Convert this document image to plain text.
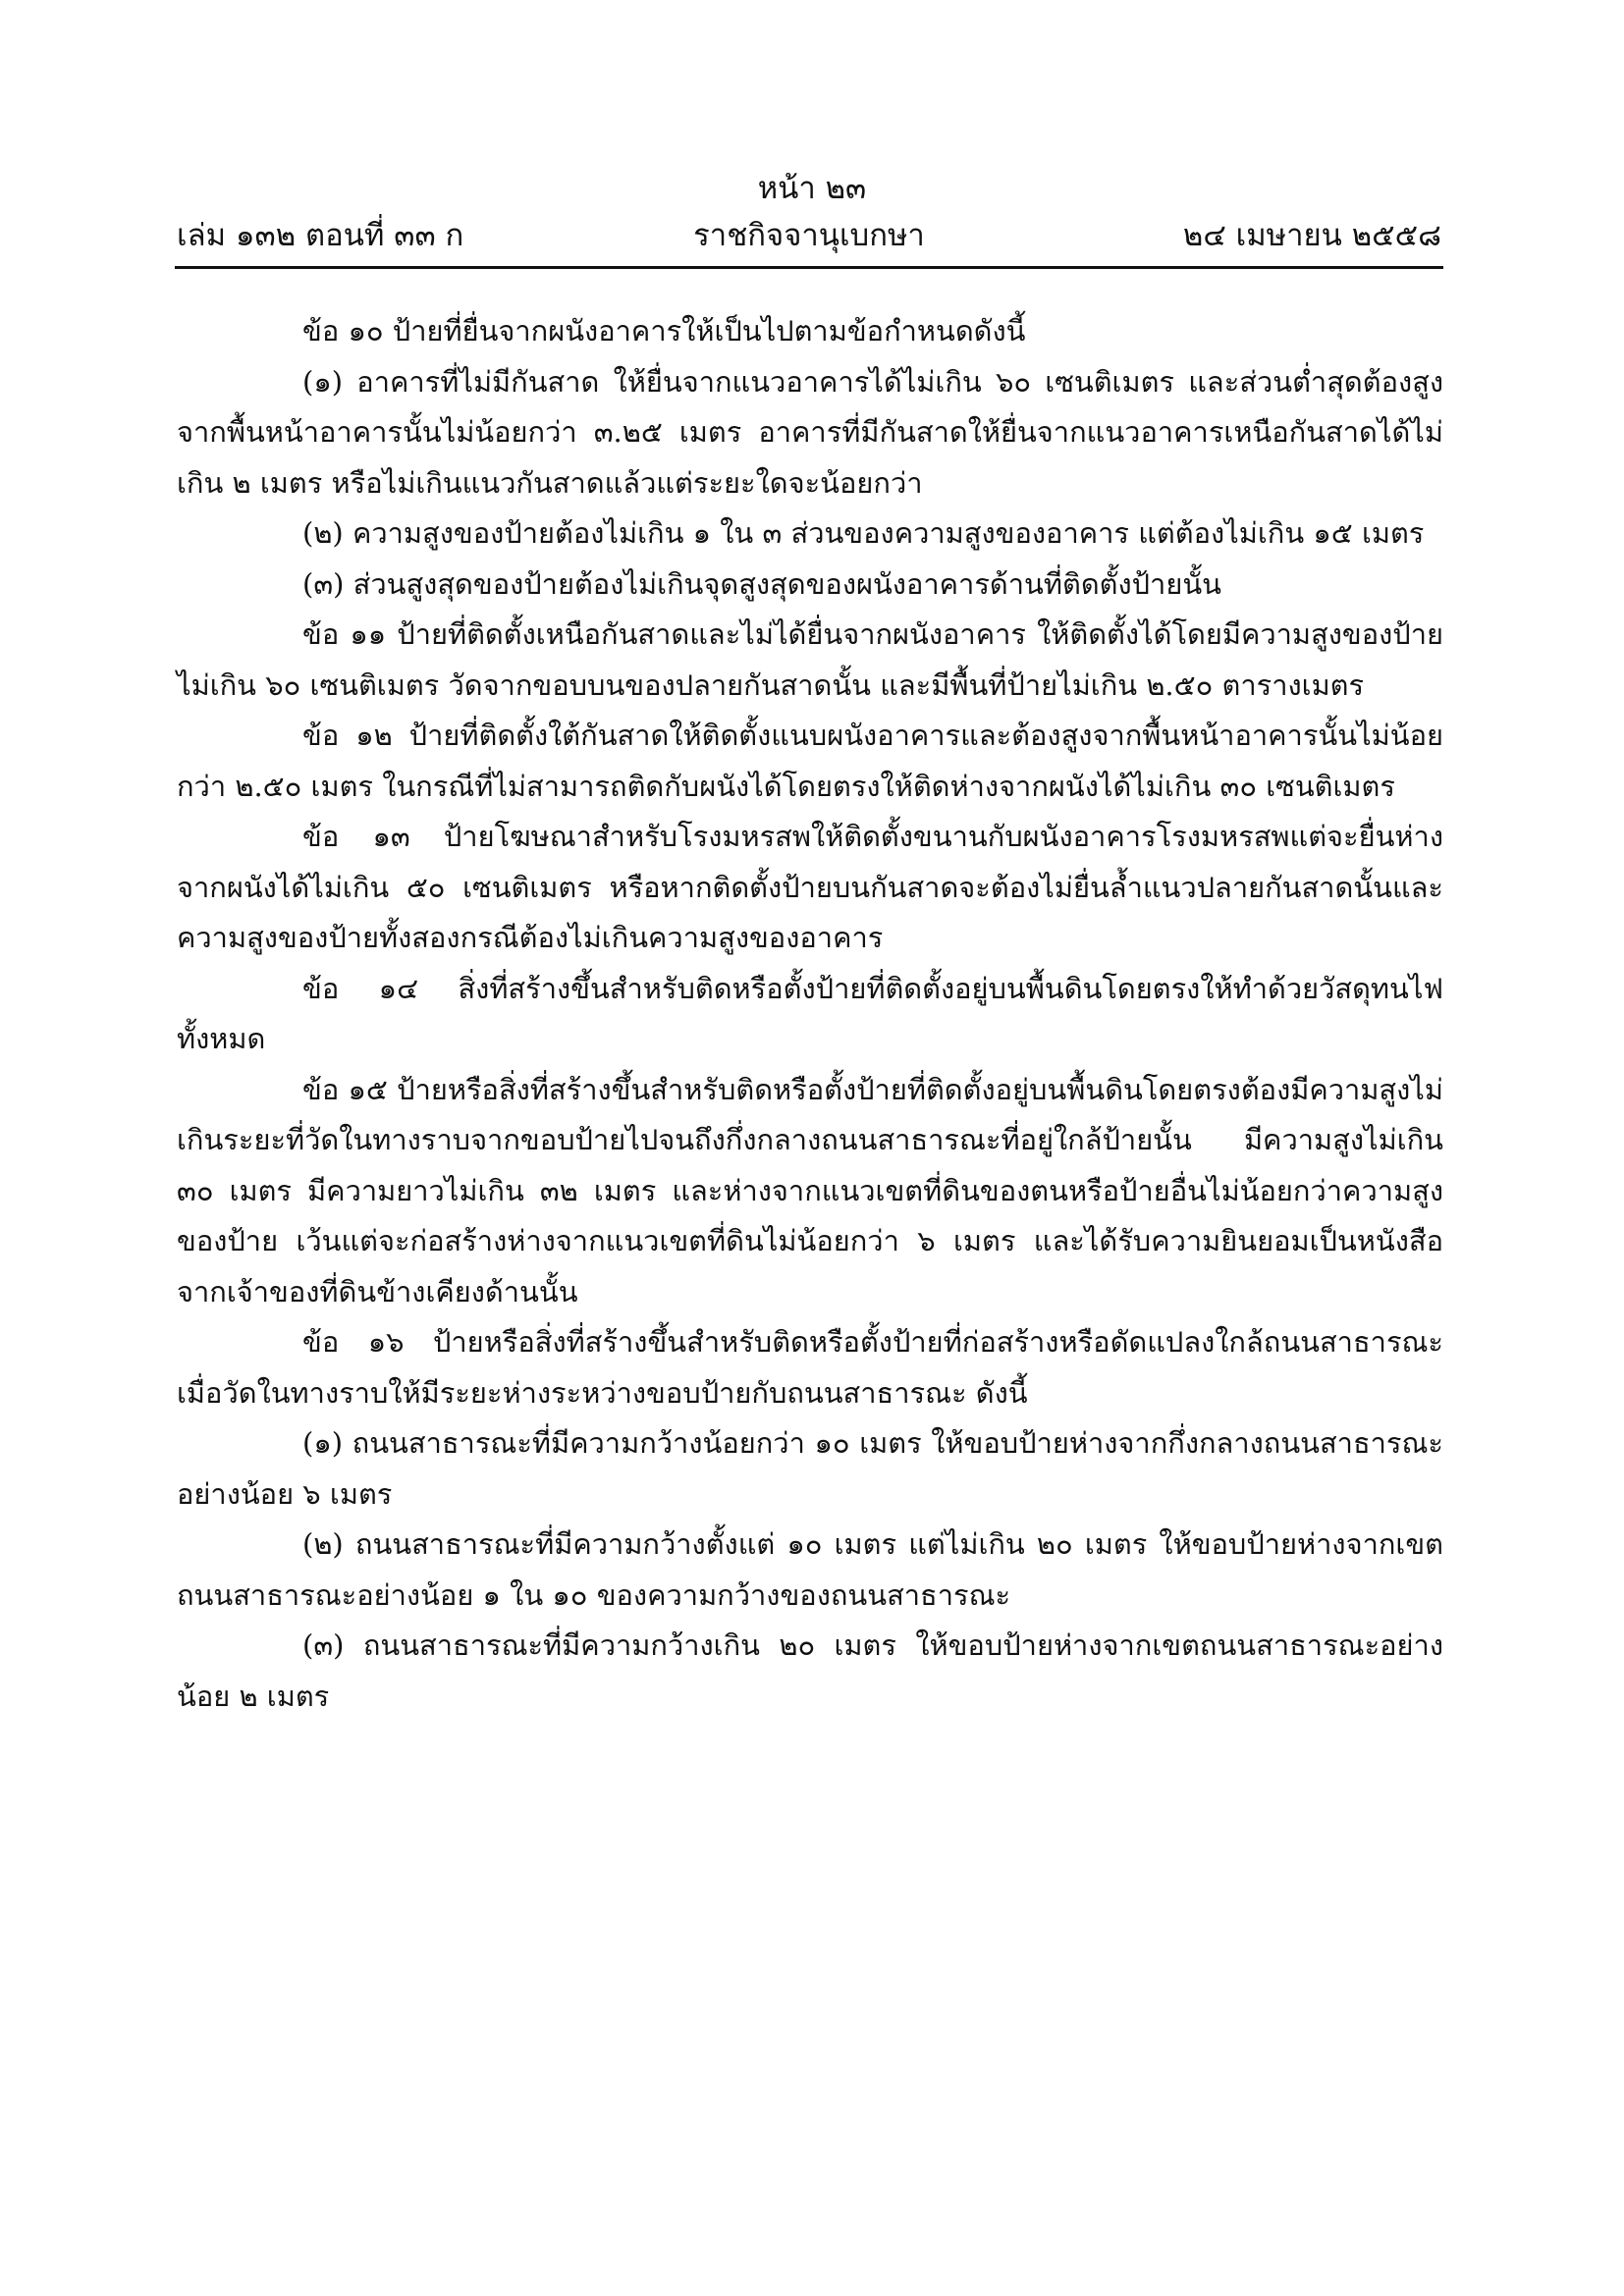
หน้า ๒๓
ราชกิจจานุเบกษา
เล่ม ๑๓๒ ตอนที่ ๓๓ ก	๒๔ เมษายน ๒๕๕๘

ข้อ ๑๐ ป้ายที่ยื่นจากผนังอาคารให้เป็นไปตามข้อกำหนดดังนี้

(๑) อาคารที่ไม่มีกันสาด ให้ยื่นจากแนวอาคารได้ไม่เกิน ๖๐ เซนติเมตร และส่วนต่ำสุดต้องสูงจากพื้นหน้าอาคารนั้นไม่น้อยกว่า ๓.๒๕ เมตร อาคารที่มีกันสาดให้ยื่นจากแนวอาคารเหนือกันสาดได้ไม่เกิน ๒ เมตร หรือไม่เกินแนวกันสาดแล้วแต่ระยะใดจะน้อยกว่า

(๒) ความสูงของป้ายต้องไม่เกิน ๑ ใน ๓ ส่วนของความสูงของอาคาร แต่ต้องไม่เกิน ๑๕ เมตร

(๓) ส่วนสูงสุดของป้ายต้องไม่เกินจุดสูงสุดของผนังอาคารด้านที่ติดตั้งป้ายนั้น

ข้อ ๑๑ ป้ายที่ติดตั้งเหนือกันสาดและไม่ได้ยื่นจากผนังอาคาร ให้ติดตั้งได้โดยมีความสูงของป้ายไม่เกิน ๖๐ เซนติเมตร วัดจากขอบบนของปลายกันสาดนั้น และมีพื้นที่ป้ายไม่เกิน ๒.๕๐ ตารางเมตร

ข้อ ๑๒ ป้ายที่ติดตั้งใต้กันสาดให้ติดตั้งแนบผนังอาคารและต้องสูงจากพื้นหน้าอาคารนั้นไม่น้อยกว่า ๒.๕๐ เมตร ในกรณีที่ไม่สามารถติดกับผนังได้โดยตรงให้ติดห่างจากผนังได้ไม่เกิน ๓๐ เซนติเมตร

ข้อ ๑๓ ป้ายโฆษณาสำหรับโรงมหรสพให้ติดตั้งขนานกับผนังอาคารโรงมหรสพแต่จะยื่นห่างจากผนังได้ไม่เกิน ๕๐ เซนติเมตร หรือหากติดตั้งป้ายบนกันสาดจะต้องไม่ยื่นล้ำแนวปลายกันสาดนั้นและความสูงของป้ายทั้งสองกรณีต้องไม่เกินความสูงของอาคาร

ข้อ ๑๔ สิ่งที่สร้างขึ้นสำหรับติดหรือตั้งป้ายที่ติดตั้งอยู่บนพื้นดินโดยตรงให้ทำด้วยวัสดุทนไฟทั้งหมด

ข้อ ๑๕ ป้ายหรือสิ่งที่สร้างขึ้นสำหรับติดหรือตั้งป้ายที่ติดตั้งอยู่บนพื้นดินโดยตรงต้องมีความสูงไม่เกินระยะที่วัดในทางราบจากขอบป้ายไปจนถึงกึ่งกลางถนนสาธารณะที่อยู่ใกล้ป้ายนั้น มีความสูงไม่เกิน ๓๐ เมตร มีความยาวไม่เกิน ๓๒ เมตร และห่างจากแนวเขตที่ดินของตนหรือป้ายอื่นไม่น้อยกว่าความสูงของป้าย เว้นแต่จะก่อสร้างห่างจากแนวเขตที่ดินไม่น้อยกว่า ๖ เมตร และได้รับความยินยอมเป็นหนังสือจากเจ้าของที่ดินข้างเคียงด้านนั้น

ข้อ ๑๖ ป้ายหรือสิ่งที่สร้างขึ้นสำหรับติดหรือตั้งป้ายที่ก่อสร้างหรือดัดแปลงใกล้ถนนสาธารณะเมื่อวัดในทางราบให้มีระยะห่างระหว่างขอบป้ายกับถนนสาธารณะ ดังนี้

(๑) ถนนสาธารณะที่มีความกว้างน้อยกว่า ๑๐ เมตร ให้ขอบป้ายห่างจากกึ่งกลางถนนสาธารณะอย่างน้อย ๖ เมตร

(๒) ถนนสาธารณะที่มีความกว้างตั้งแต่ ๑๐ เมตร แต่ไม่เกิน ๒๐ เมตร ให้ขอบป้ายห่างจากเขตถนนสาธารณะอย่างน้อย ๑ ใน ๑๐ ของความกว้างของถนนสาธารณะ

(๓) ถนนสาธารณะที่มีความกว้างเกิน ๒๐ เมตร ให้ขอบป้ายห่างจากเขตถนนสาธารณะอย่างน้อย ๒ เมตร
